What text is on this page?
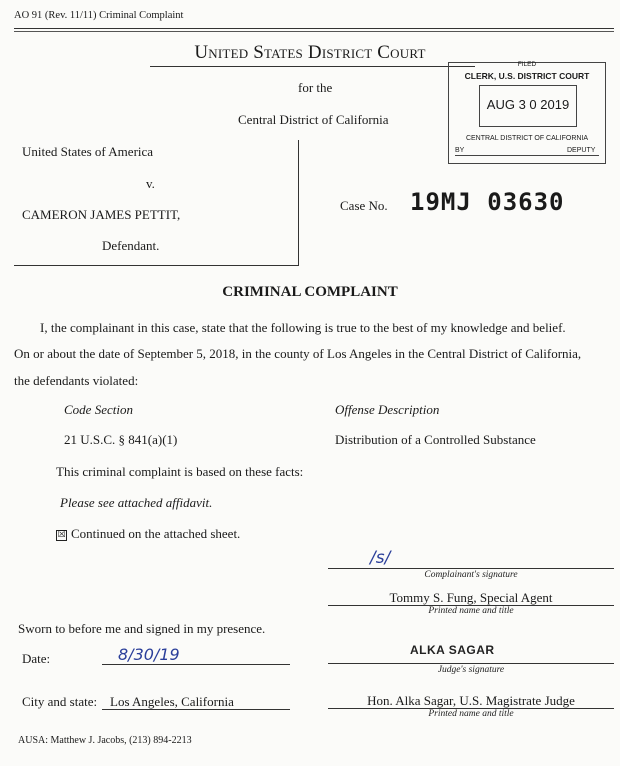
AO 91 (Rev. 11/11) Criminal Complaint
United States District Court
for the
Central District of California
FILED
CLERK, U.S. DISTRICT COURT
AUG 3 0 2019
CENTRAL DISTRICT OF CALIFORNIA
BY	DEPUTY
United States of America
v.
CAMERON JAMES PETTIT,
Defendant.
Case No. 19MJ 03630
CRIMINAL COMPLAINT
I, the complainant in this case, state that the following is true to the best of my knowledge and belief.
On or about the date of September 5, 2018, in the county of Los Angeles in the Central District of California,
the defendants violated:
Code Section	Offense Description
21 U.S.C. § 841(a)(1)	Distribution of a Controlled Substance
This criminal complaint is based on these facts:
Please see attached affidavit.
☒ Continued on the attached sheet.
/s/
Complainant's signature
Tommy S. Fung, Special Agent
Printed name and title
Sworn to before me and signed in my presence.
Date:	8/30/19	ALKA SAGAR
Judge's signature
City and state: Los Angeles, California	Hon. Alka Sagar, U.S. Magistrate Judge
Printed name and title
AUSA: Matthew J. Jacobs, (213) 894-2213
